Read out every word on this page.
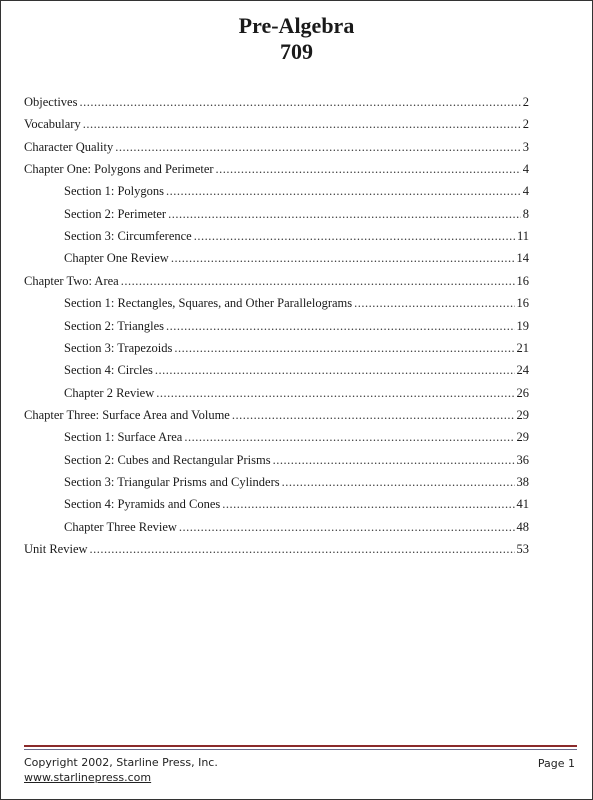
Pre-Algebra
709
Objectives .....	2
Vocabulary .....	2
Character Quality .....	3
Chapter One: Polygons and Perimeter .....	4
Section 1: Polygons .....	4
Section 2: Perimeter .....	8
Section 3: Circumference .....	11
Chapter One Review .....	14
Chapter Two: Area .....	16
Section 1: Rectangles, Squares, and Other Parallelograms .....	16
Section 2: Triangles .....	19
Section 3: Trapezoids .....	21
Section 4: Circles .....	24
Chapter 2 Review .....	26
Chapter Three: Surface Area and Volume .....	29
Section 1: Surface Area .....	29
Section 2: Cubes and Rectangular Prisms .....	36
Section 3: Triangular Prisms and Cylinders .....	38
Section 4: Pyramids and Cones .....	41
Chapter Three Review .....	48
Unit Review .....	53
Copyright 2002, Starline Press, Inc.
www.starlinepress.com
Page 1
